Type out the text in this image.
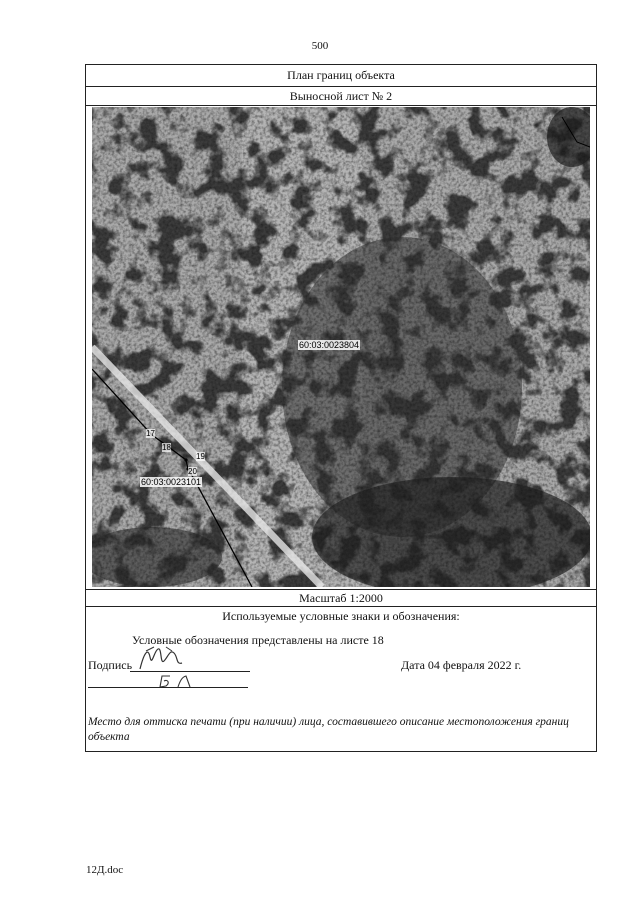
500
План границ объекта
Выносной лист № 2
60:03:0023804
60:03:0023101
17
18
19
20
Масштаб 1:2000
Используемые условные знаки и обозначения:
Условные обозначения представлены на листе 18
Подпись	Дата 04 февраля 2022 г.
Место для оттиска печати (при наличии) лица, составившего описание местоположения границ объекта
12Д.doc
